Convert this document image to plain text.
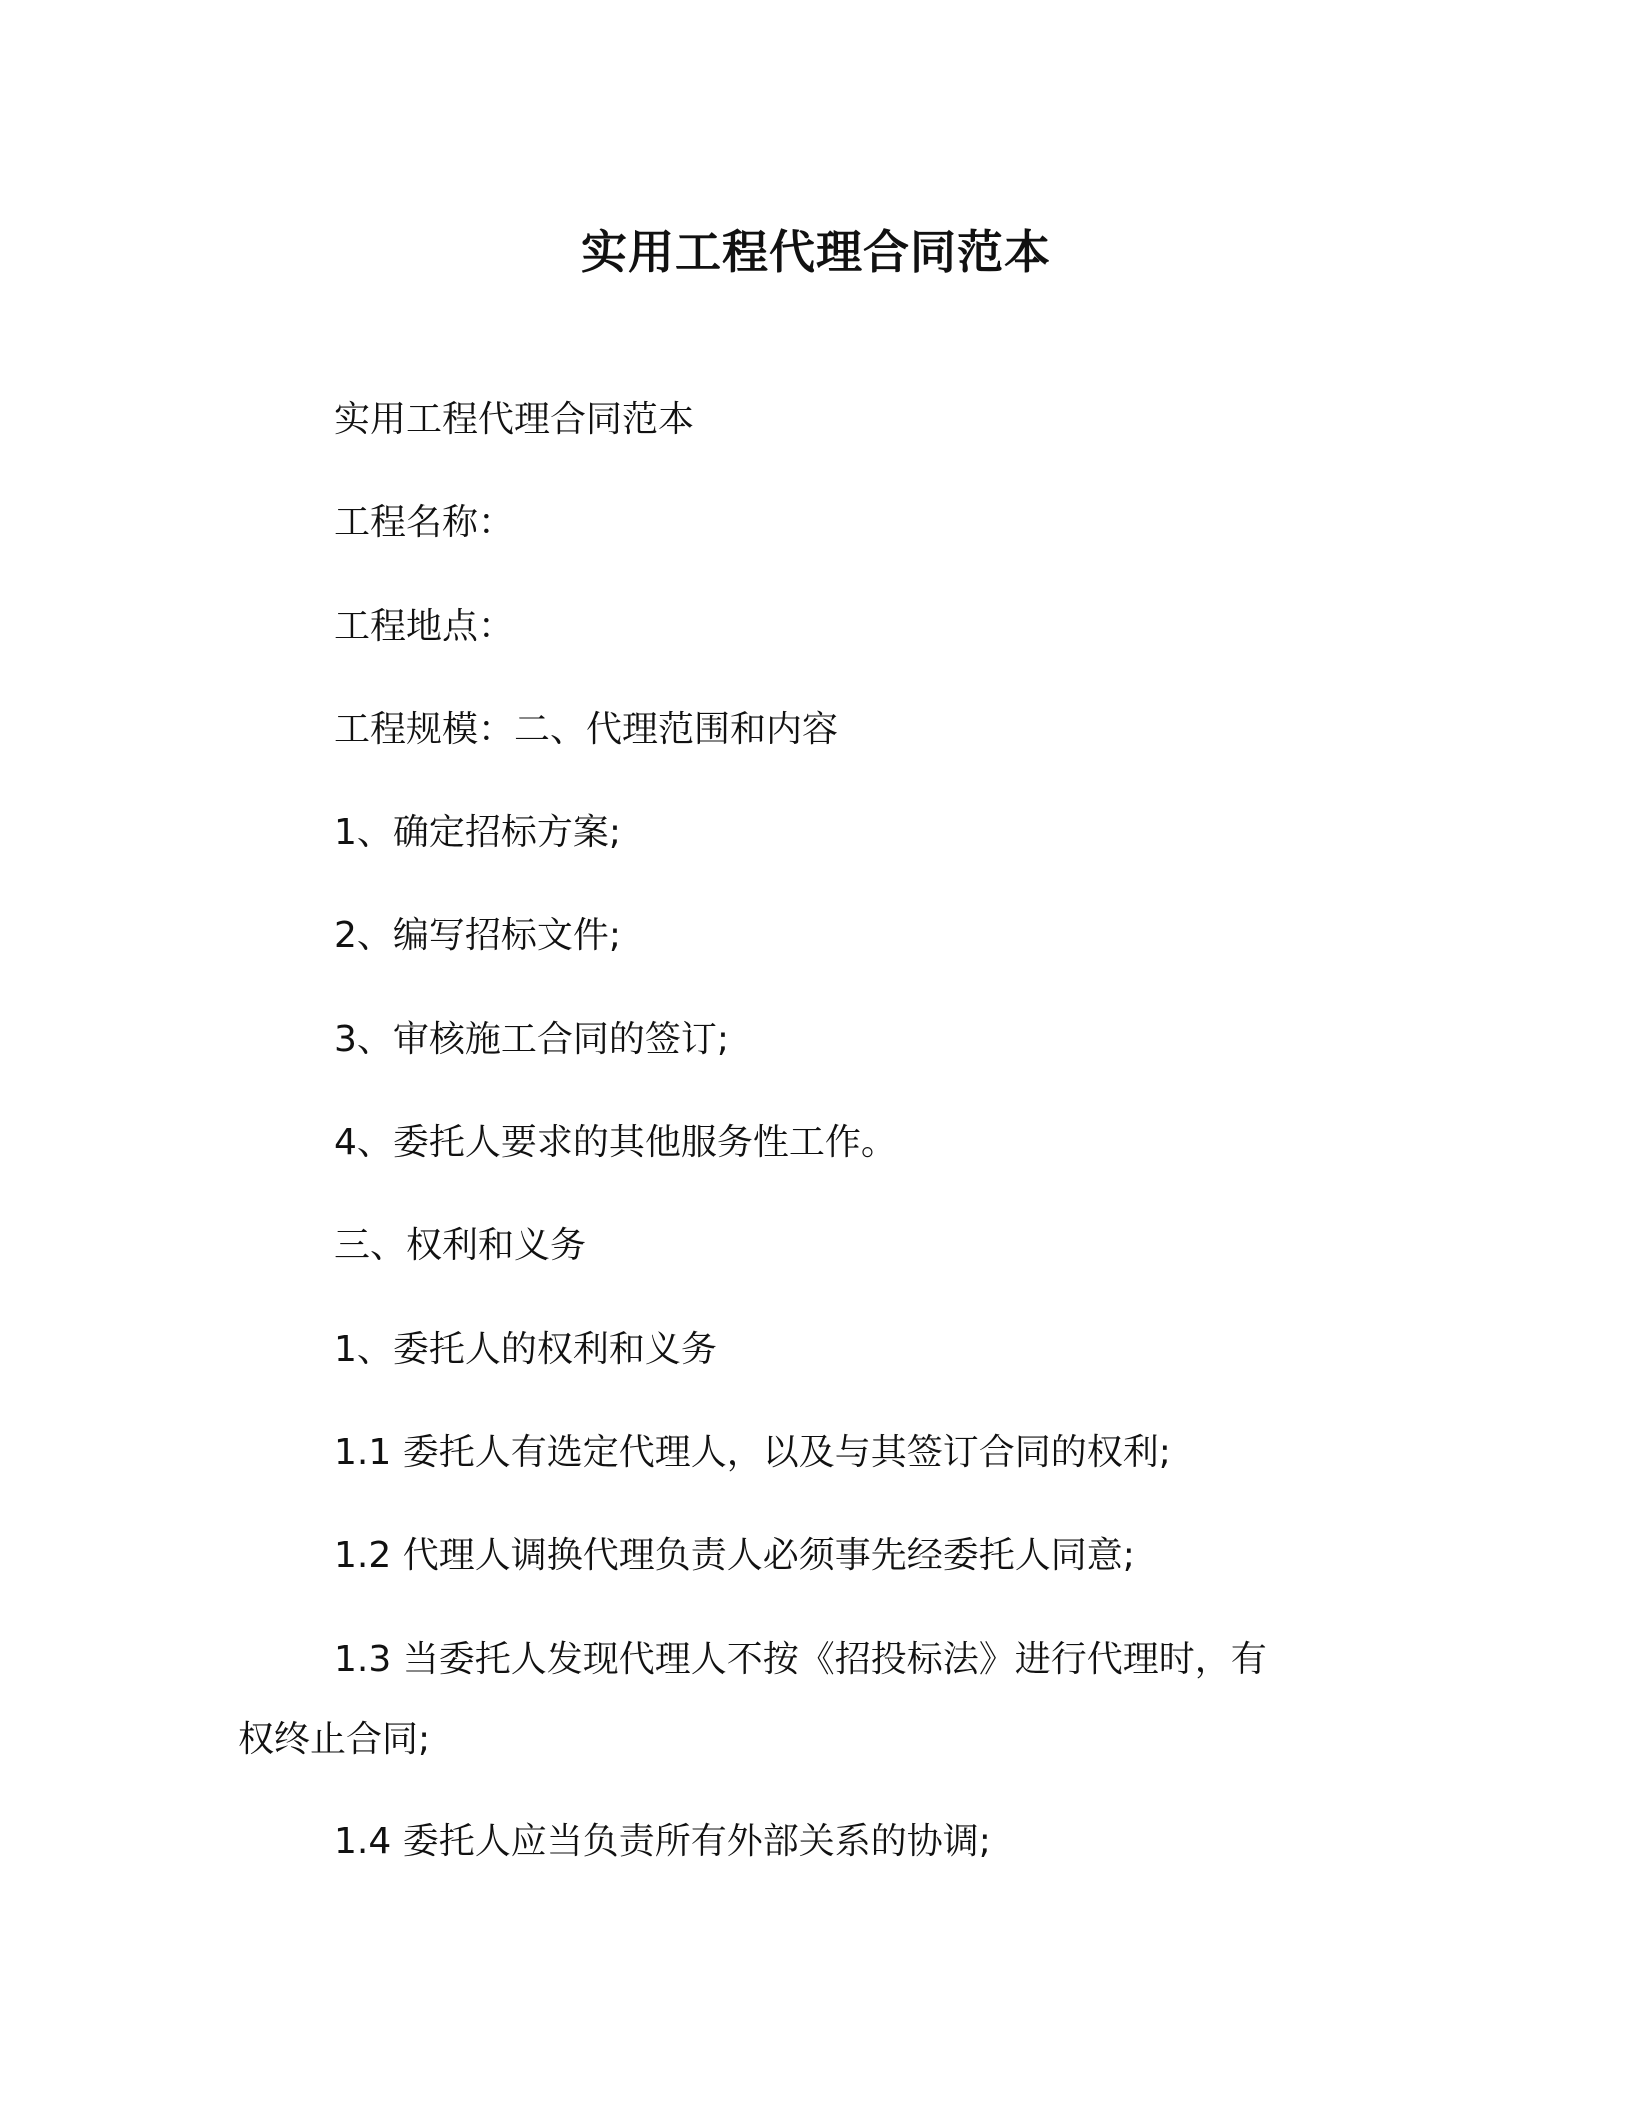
实用工程代理合同范本
实用工程代理合同范本
工程名称：
工程地点：
工程规模：二、代理范围和内容
1、确定招标方案;
2、编写招标文件;
3、审核施工合同的签订;
4、委托人要求的其他服务性工作。
三、权利和义务
1、委托人的权利和义务
1.1 委托人有选定代理人，以及与其签订合同的权利;
1.2 代理人调换代理负责人必须事先经委托人同意;
1.3 当委托人发现代理人不按《招投标法》进行代理时，有权终止合同;
1.4 委托人应当负责所有外部关系的协调;
